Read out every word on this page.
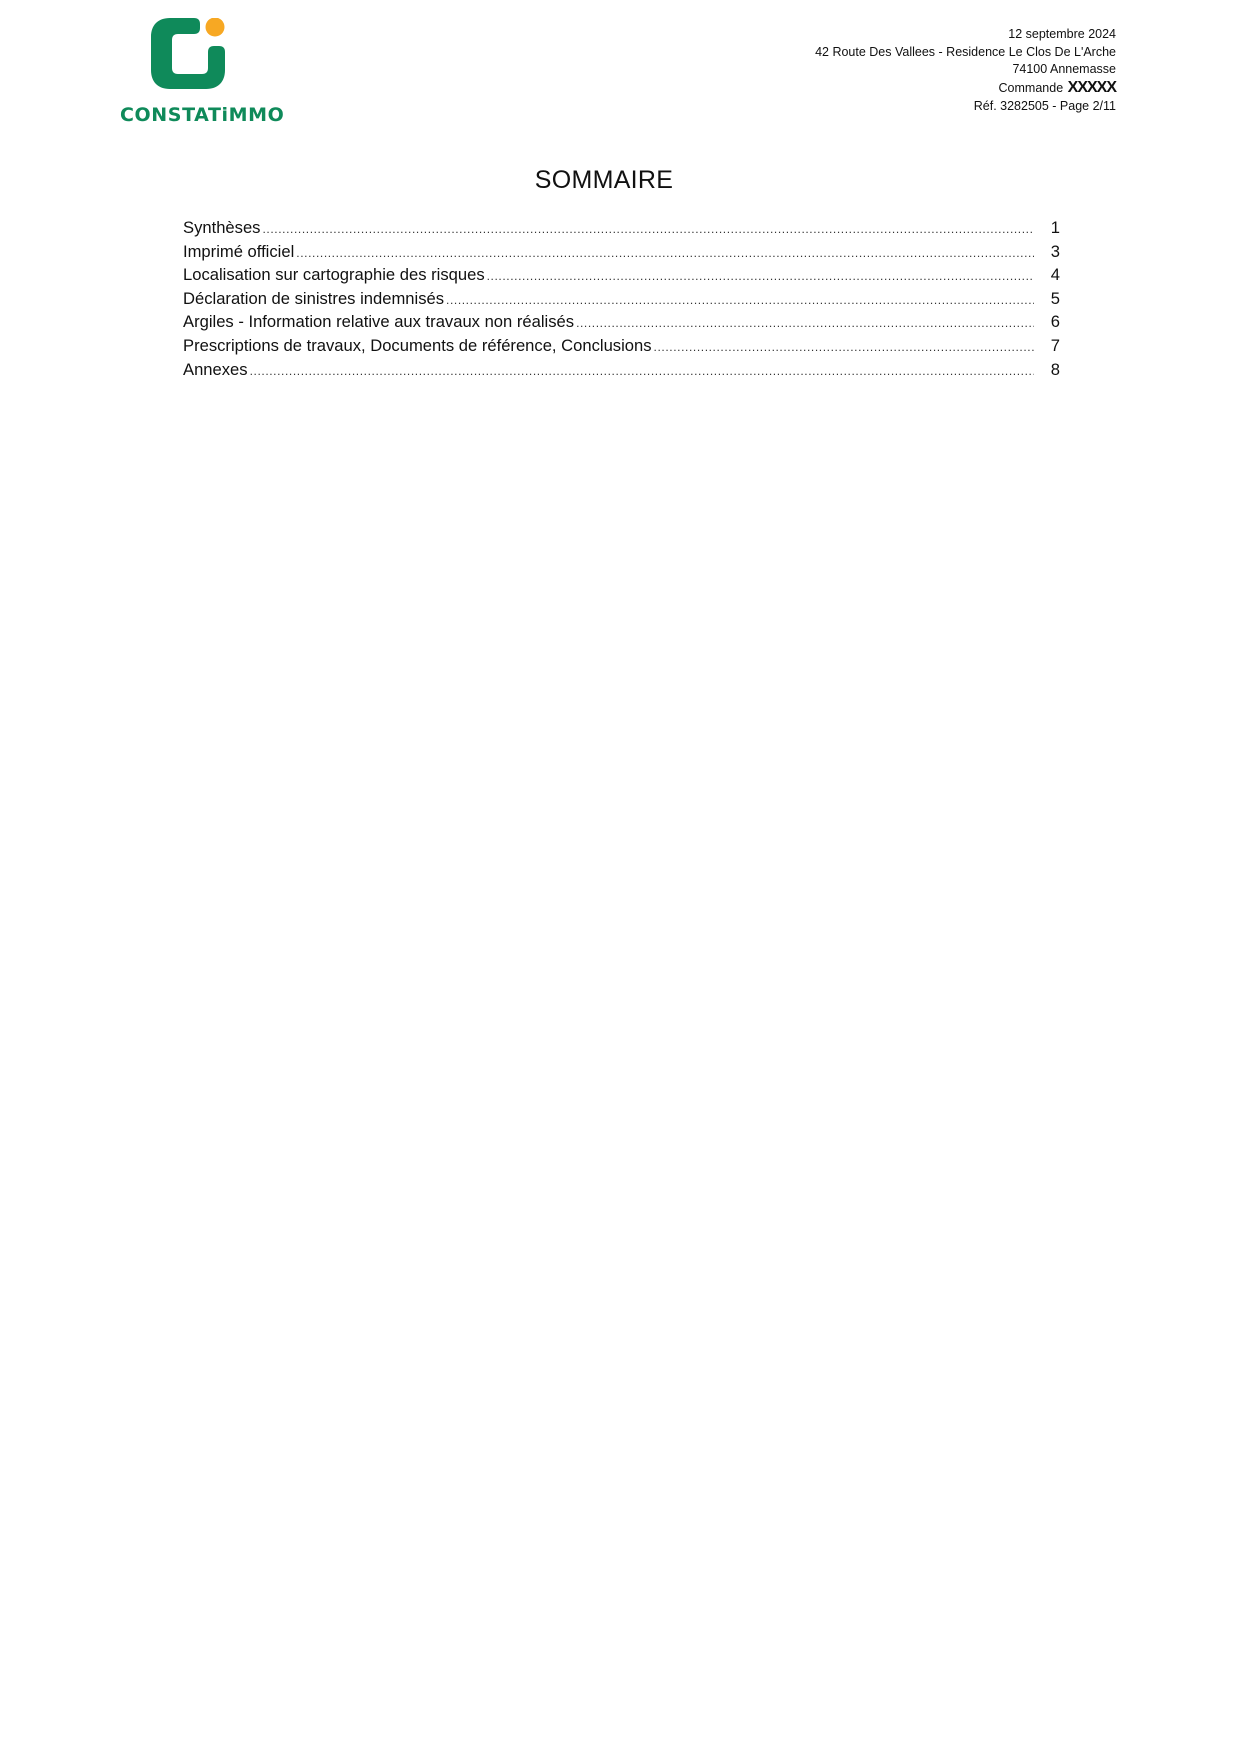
CONSTATiMMO
12 septembre 2024
42 Route Des Vallees - Residence Le Clos De L'Arche
74100 Annemasse
Commande XXXXX
Réf. 3282505 - Page 2/11
SOMMAIRE
Synthèses .....	1
Imprimé officiel .....	3
Localisation sur cartographie des risques .....	4
Déclaration de sinistres indemnisés .....	5
Argiles - Information relative aux travaux non réalisés .....	6
Prescriptions de travaux, Documents de référence, Conclusions .....	7
Annexes .....	8
